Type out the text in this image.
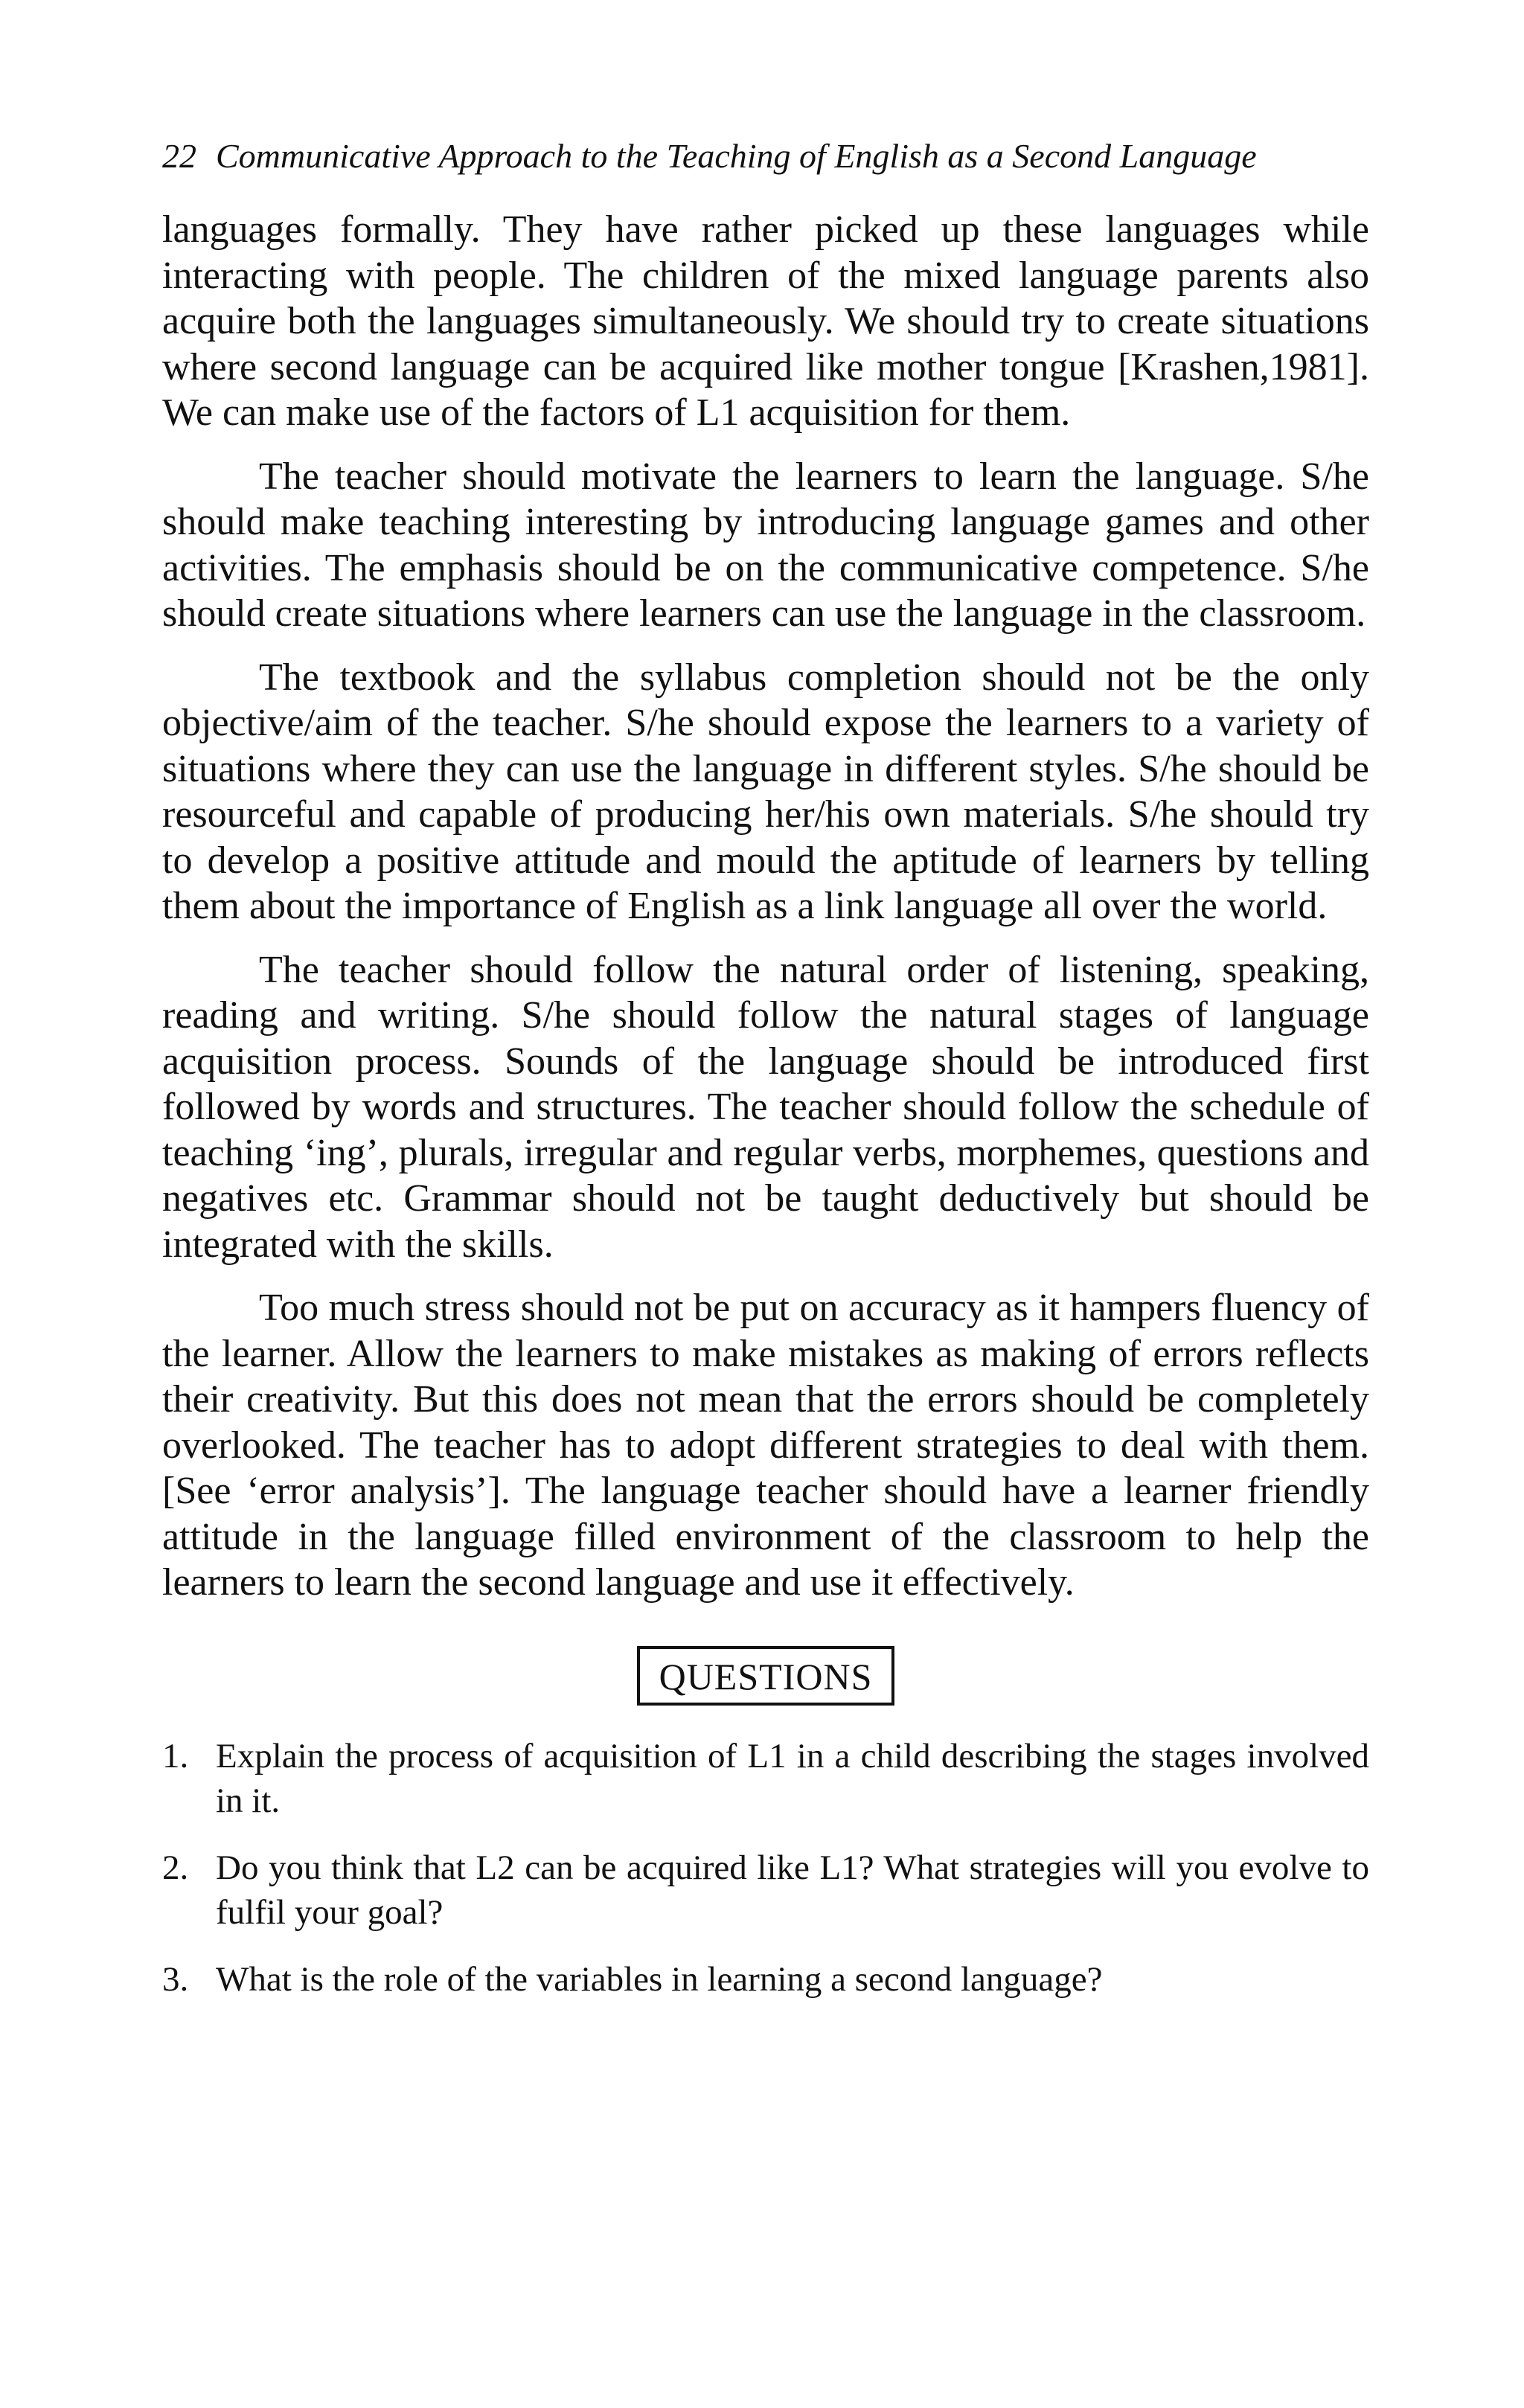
22 Communicative Approach to the Teaching of English as a Second Language

languages formally. They have rather picked up these languages while interacting with people. The children of the mixed language parents also acquire both the languages simultaneously. We should try to create situations where second language can be acquired like mother tongue [Krashen,1981]. We can make use of the factors of L1 acquisition for them.

The teacher should motivate the learners to learn the language. S/he should make teaching interesting by introducing language games and other activities. The emphasis should be on the communicative competence. S/he should create situations where learners can use the language in the classroom.

The textbook and the syllabus completion should not be the only objective/aim of the teacher. S/he should expose the learners to a variety of situations where they can use the language in different styles. S/he should be resourceful and capable of producing her/his own materials. S/he should try to develop a positive attitude and mould the aptitude of learners by telling them about the importance of English as a link language all over the world.

The teacher should follow the natural order of listening, speaking, reading and writing. S/he should follow the natural stages of language acquisition process. Sounds of the language should be introduced first followed by words and structures. The teacher should follow the schedule of teaching ‘ing’, plurals, irregular and regular verbs, morphemes, questions and negatives etc. Grammar should not be taught deductively but should be integrated with the skills.

Too much stress should not be put on accuracy as it hampers fluency of the learner. Allow the learners to make mistakes as making of errors reflects their creativity. But this does not mean that the errors should be completely overlooked. The teacher has to adopt different strategies to deal with them. [See ‘error analysis’]. The language teacher should have a learner friendly attitude in the language filled environment of the classroom to help the learners to learn the second language and use it effectively.

QUESTIONS
1. Explain the process of acquisition of L1 in a child describing the stages involved in it.
2. Do you think that L2 can be acquired like L1? What strategies will you evolve to fulfil your goal?
3. What is the role of the variables in learning a second language?
